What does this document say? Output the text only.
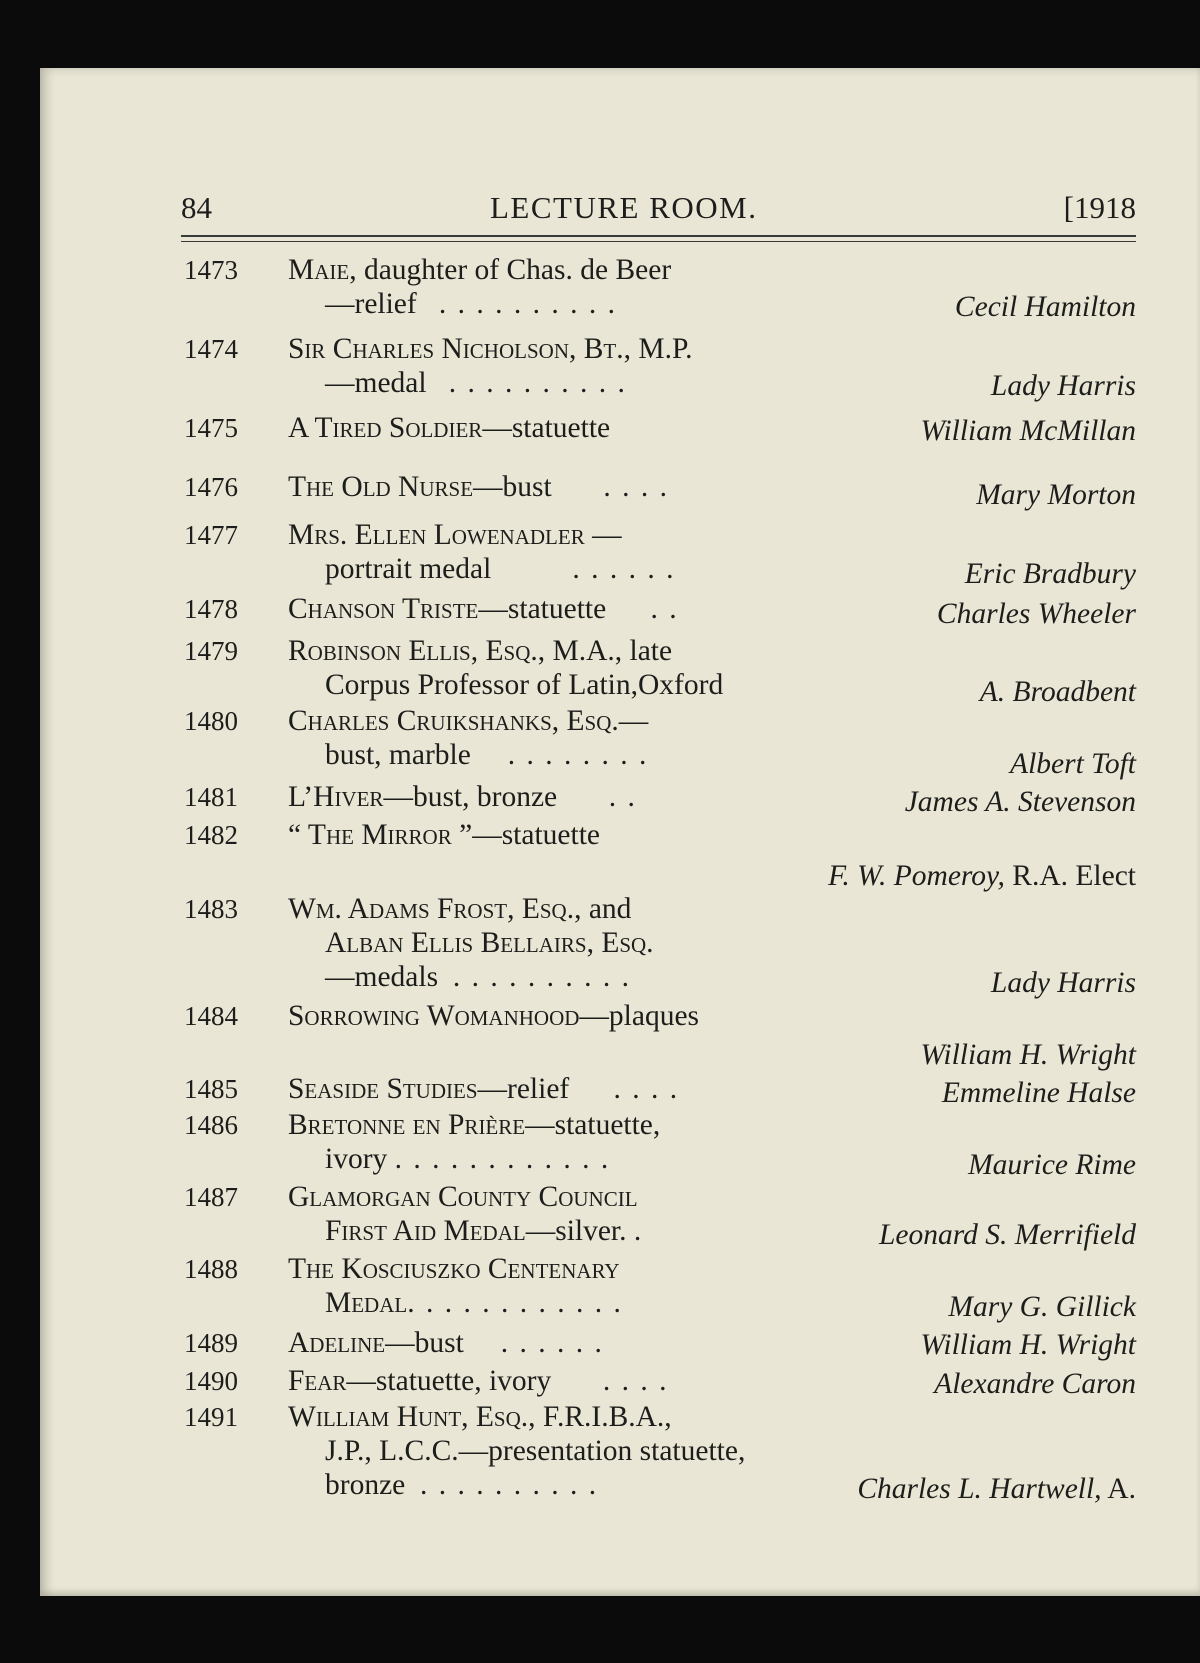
84	LECTURE ROOM.	[1918
1473 Maie, daughter of Chas. de Beer
—relief . . . . . . . . . .	Cecil Hamilton
1474 Sir Charles Nicholson, Bt., M.P.
—medal . . . . . . . . . .	Lady Harris
1475 A Tired Soldier—statuette	William McMillan
1476 The Old Nurse—bust . . . .	Mary Morton
1477 Mrs. Ellen Lowenadler —
portrait medal	. . . . . .	Eric Bradbury
1478 Chanson Triste—statuette . .	Charles Wheeler
1479 Robinson Ellis, Esq., M.A., late
Corpus Professor of Latin,Oxford	A. Broadbent
1480 Charles Cruikshanks, Esq.—
bust, marble . . . . . . . .	Albert Toft
1481 L’Hiver—bust, bronze . .	James A. Stevenson
1482 “ The Mirror ”—statuette
F. W. Pomeroy, R.A. Elect
1483 Wm. Adams Frost, Esq., and
Alban Ellis Bellairs, Esq.
—medals . . . . . . . . . .	Lady Harris
1484 Sorrowing Womanhood—plaques
William H. Wright
1485 Seaside Studies—relief . . . .	Emmeline Halse
1486 Bretonne en Prière—statuette,
ivory . . . . . . . . . . . .	Maurice Rime
1487 Glamorgan County Council
First Aid Medal—silver. .	Leonard S. Merrifield
1488 The Kosciuszko Centenary
Medal. . . . . . . . . . . .	Mary G. Gillick
1489 Adeline—bust . . . . . .	William H. Wright
1490 Fear—statuette, ivory . . . .	Alexandre Caron
1491 William Hunt, Esq., F.R.I.B.A.,
J.P., L.C.C.—presentation statuette,
bronze . . . . . . . . . .	Charles L. Hartwell, A.
